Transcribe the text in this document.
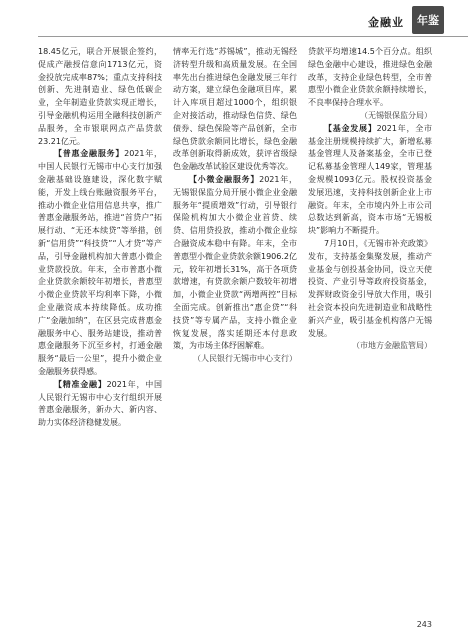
金融业 年鉴

18.45亿元，联合开展银企签约，促成产融授信意向1713亿元，资金投放完成率87%；重点支持科技创新、先进制造业、绿色低碳企业，全年制造业贷款实现正增长，引导金融机构运用全融科技创新产品服务，全市银联网点产品贷款23.21亿元。

【普惠金融服务】2021年，中国人民银行无锡市中心支行加强金融基础设施建设，深化数字赋能，开发上线台账融资服务平台，推动小微企业信用信息共享，推广普惠金融服务站，推进“首贷户”拓展行动、“无还本续贷”等举措，创新“信用贷”“科技贷”“人才贷”等产品，引导金融机构加大普惠小微企业贷款投放。年末，全市普惠小微企业贷款余额较年初增长，普惠型小微企业贷款平均利率下降，小微企业融资成本持续降低。成功推广“金融加纳”，在区县完成普惠金融服务中心、服务站建设，推动普惠金融服务下沉至乡村，打通金融服务“最后一公里”，提升小微企业金融服务获得感。

【精准金融】2021年，中国人民银行无锡市中心支行组织开展普惠金融服务，新办大、新内容、助力实体经济稳健发展。

情率无行选“苏锡城”，推动无锡经济转型升级和高质量发展。在全国率先出台推进绿色金融发展三年行动方案，建立绿色金融项目库，累计入库项目超过1000个，组织银企对接活动，推动绿色信贷、绿色债券、绿色保险等产品创新，全市绿色贷款余额同比增长，绿色金融改革创新取得新成效，获评省级绿色金融改革试验区建设优秀等次。

【小微金融服务】2021年，无锡银保监分局开展小微企业金融服务年“提质增效”行动，引导银行保险机构加大小微企业首贷、续贷、信用贷投放，推动小微企业综合融资成本稳中有降。年末，全市普惠型小微企业贷款余额1906.2亿元，较年初增长31%，高于各项贷款增速，有贷款余额户数较年初增加，小微企业贷款“两增两控”目标全面完成。创新推出“惠企贷”“科技贷”等专属产品，支持小微企业恢复发展，落实延期还本付息政策，为市场主体纾困解难。

（人民银行无锡市中心支行）

贷款平均增速14.5个百分点。组织绿色金融中心建设，推进绿色金融改革，支持企业绿色转型，全市普惠型小微企业贷款余额持续增长，不良率保持合理水平。

（无锡银保监分局）

【基金发展】2021年，全市基金注册规模持续扩大，新增私募基金管理人及备案基金，全市已登记私募基金管理人149家，管理基金规模1093亿元。股权投资基金发展迅速，支持科技创新企业上市融资。年末，全市境内外上市公司总数达到新高，资本市场“无锡板块”影响力不断提升。

7月10日，《无锡市补充政策》发布，支持基金集聚发展，推动产业基金与创投基金协同，设立天使投资、产业引导等政府投资基金，发挥财政资金引导放大作用，吸引社会资本投向先进制造业和战略性新兴产业，吸引基金机构落户无锡发展。

（市地方金融监管局）

243
